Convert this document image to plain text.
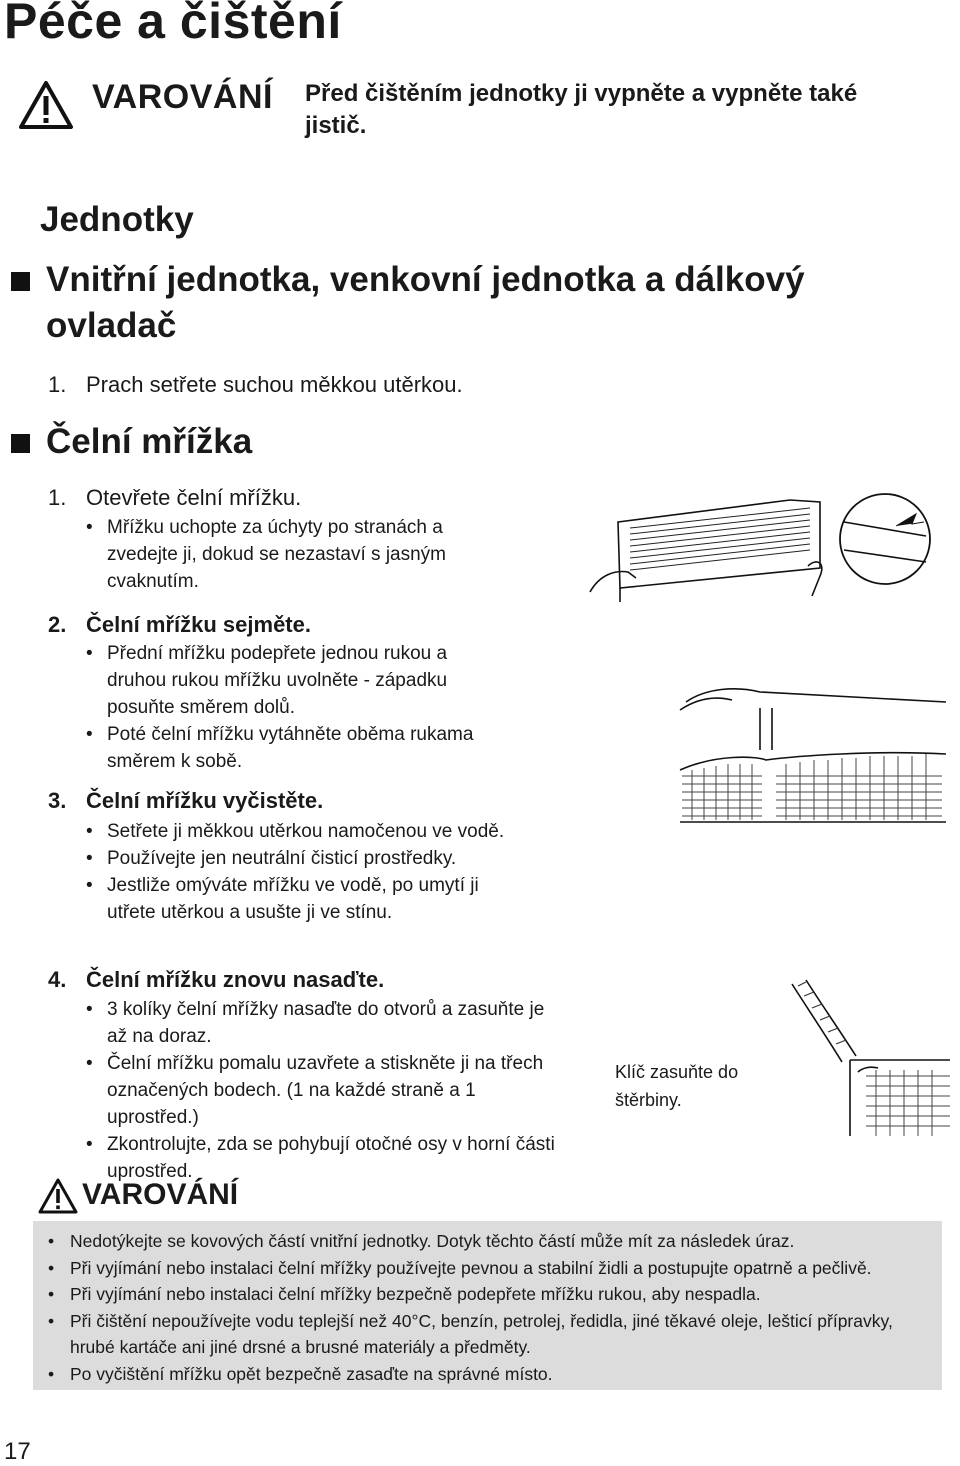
Péče a čištění
VAROVÁNÍ Před čištěním jednotky ji vypněte a vypněte také jistič.
Jednotky
Vnitřní jednotka, venkovní jednotka a dálkový ovladač
1. Prach setřete suchou měkkou utěrkou.
Čelní mřížka
1. Otevřete čelní mřížku.
• Mřížku uchopte za úchyty po stranách a zvedejte ji, dokud se nezastaví s jasným cvaknutím.
2. Čelní mřížku sejměte.
• Přední mřížku podepřete jednou rukou a druhou rukou mřížku uvolněte - západku posuňte směrem dolů.
• Poté čelní mřížku vytáhněte oběma rukama směrem k sobě.
3. Čelní mřížku vyčistěte.
• Setřete ji měkkou utěrkou namočenou ve vodě.
• Používejte jen neutrální čisticí prostředky.
• Jestliže omýváte mřížku ve vodě, po umytí ji utřete utěrkou a usušte ji ve stínu.
4. Čelní mřížku znovu nasaďte.
• 3 kolíky čelní mřížky nasaďte do otvorů a zasuňte je až na doraz.
• Čelní mřížku pomalu uzavřete a stiskněte ji na třech označených bodech. (1 na každé straně a 1 uprostřed.)
• Zkontrolujte, zda se pohybují otočné osy v horní části uprostřed.
Klíč zasuňte do štěrbiny.
VAROVÁNÍ
• Nedotýkejte se kovových částí vnitřní jednotky. Dotyk těchto částí může mít za následek úraz.
• Při vyjímání nebo instalaci čelní mřížky používejte pevnou a stabilní židli a postupujte opatrně a pečlivě.
• Při vyjímání nebo instalaci čelní mřížky bezpečně podepřete mřížku rukou, aby nespadla.
• Při čištění nepoužívejte vodu teplejší než 40°C, benzín, petrolej, ředidla, jiné těkavé oleje, lešticí přípravky, hrubé kartáče ani jiné drsné a brusné materiály a předměty.
• Po vyčištění mřížku opět bezpečně zasaďte na správné místo.
17
